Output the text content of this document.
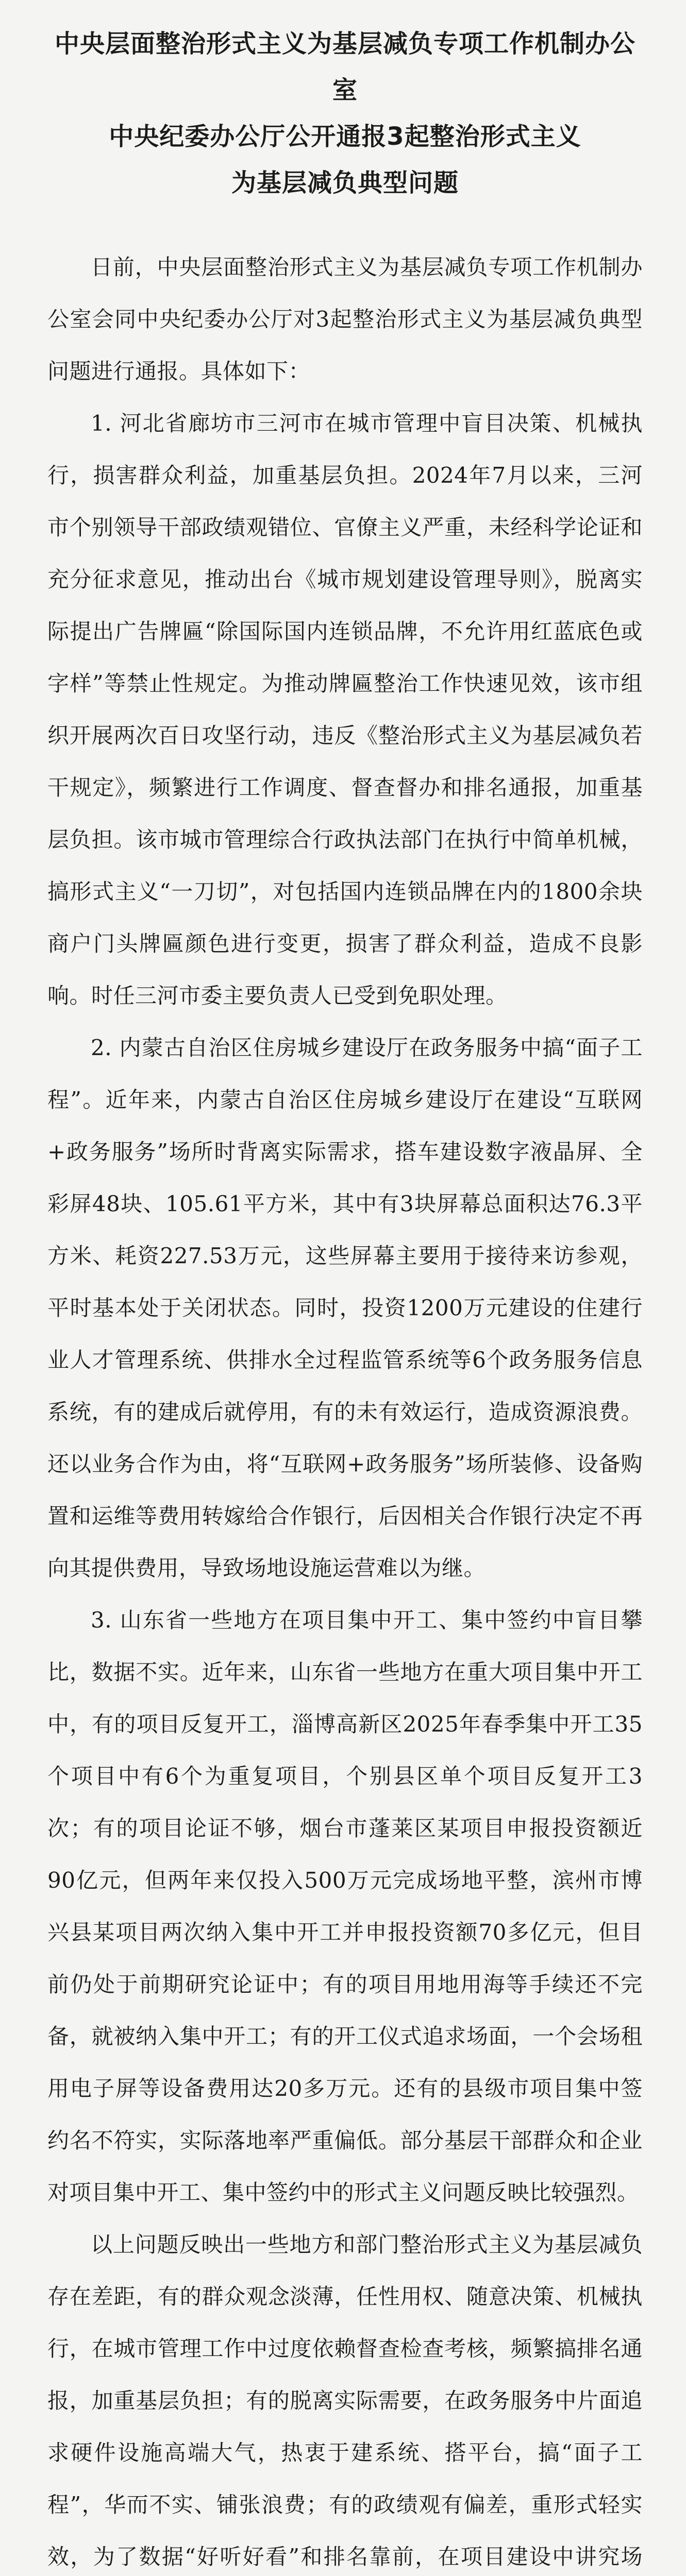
中央层面整治形式主义为基层减负专项工作机制办公室
中央纪委办公厅公开通报3起整治形式主义
为基层减负典型问题

日前，中央层面整治形式主义为基层减负专项工作机制办公室会同中央纪委办公厅对3起整治形式主义为基层减负典型问题进行通报。具体如下：

1. 河北省廊坊市三河市在城市管理中盲目决策、机械执行，损害群众利益，加重基层负担。2024年7月以来，三河市个别领导干部政绩观错位、官僚主义严重，未经科学论证和充分征求意见，推动出台《城市规划建设管理导则》，脱离实际提出广告牌匾“除国际国内连锁品牌，不允许用红蓝底色或字样”等禁止性规定。为推动牌匾整治工作快速见效，该市组织开展两次百日攻坚行动，违反《整治形式主义为基层减负若干规定》，频繁进行工作调度、督查督办和排名通报，加重基层负担。该市城市管理综合行政执法部门在执行中简单机械，搞形式主义“一刀切”，对包括国内连锁品牌在内的1800余块商户门头牌匾颜色进行变更，损害了群众利益，造成不良影响。时任三河市委主要负责人已受到免职处理。

2. 内蒙古自治区住房城乡建设厅在政务服务中搞“面子工程”。近年来，内蒙古自治区住房城乡建设厅在建设“互联网+政务服务”场所时背离实际需求，搭车建设数字液晶屏、全彩屏48块、105.61平方米，其中有3块屏幕总面积达76.3平方米、耗资227.53万元，这些屏幕主要用于接待来访参观，平时基本处于关闭状态。同时，投资1200万元建设的住建行业人才管理系统、供排水全过程监管系统等6个政务服务信息系统，有的建成后就停用，有的未有效运行，造成资源浪费。还以业务合作为由，将“互联网+政务服务”场所装修、设备购置和运维等费用转嫁给合作银行，后因相关合作银行决定不再向其提供费用，导致场地设施运营难以为继。

3. 山东省一些地方在项目集中开工、集中签约中盲目攀比，数据不实。近年来，山东省一些地方在重大项目集中开工中，有的项目反复开工，淄博高新区2025年春季集中开工35个项目中有6个为重复项目，个别县区单个项目反复开工3次；有的项目论证不够，烟台市蓬莱区某项目申报投资额近90亿元，但两年来仅投入500万元完成场地平整，滨州市博兴县某项目两次纳入集中开工并申报投资额70多亿元，但目前仍处于前期研究论证中；有的项目用地用海等手续还不完备，就被纳入集中开工；有的开工仪式追求场面，一个会场租用电子屏等设备费用达20多万元。还有的县级市项目集中签约名不符实，实际落地率严重偏低。部分基层干部群众和企业对项目集中开工、集中签约中的形式主义问题反映比较强烈。

以上问题反映出一些地方和部门整治形式主义为基层减负存在差距，有的群众观念淡薄，任性用权、随意决策、机械执行，在城市管理工作中过度依赖督查检查考核，频繁搞排名通报，加重基层负担；有的脱离实际需要，在政务服务中片面追求硬件设施高端大气，热衷于建系统、搭平台，搞“面子工程”，华而不实、铺张浪费；有的政绩观有偏差，重形式轻实效，为了数据“好听好看”和排名靠前，在项目建设中讲究场
